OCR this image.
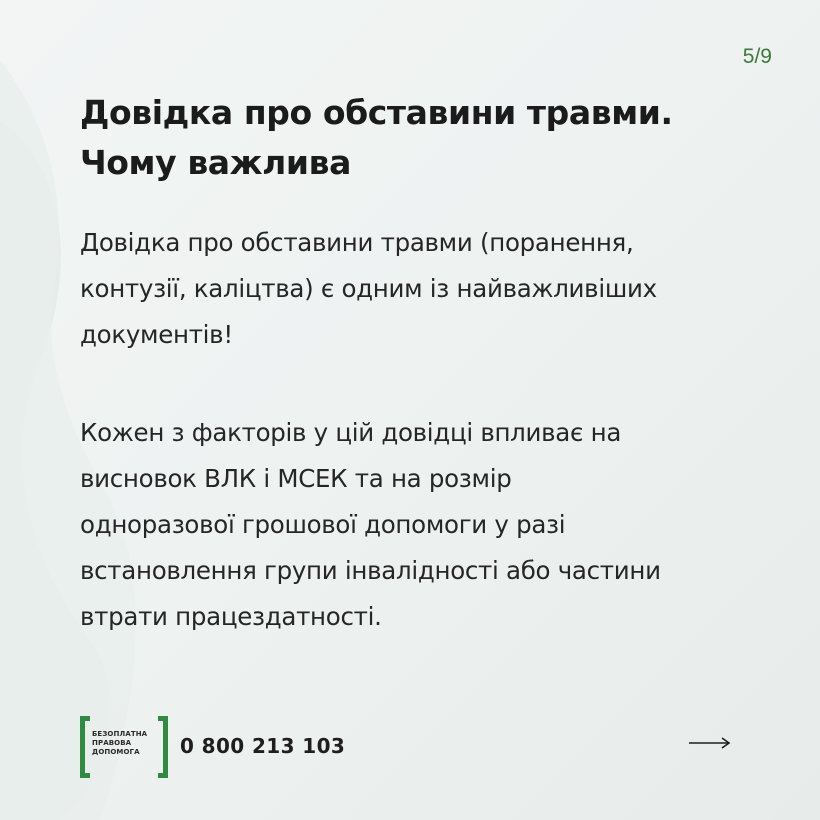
5/9
Довідка про обставини травми.
Чому важлива
Довідка про обставини травми (поранення,
контузії, каліцтва) є одним із найважливіших
документів!
Кожен з факторів у цій довідці впливає на
висновок ВЛК і МСЕК та на розмір
одноразової грошової допомоги у разі
встановлення групи інвалідності або частини
втрати працездатності.
БЕЗОПЛАТНА
ПРАВОВА
ДОПОМОГА	0 800 213 103
